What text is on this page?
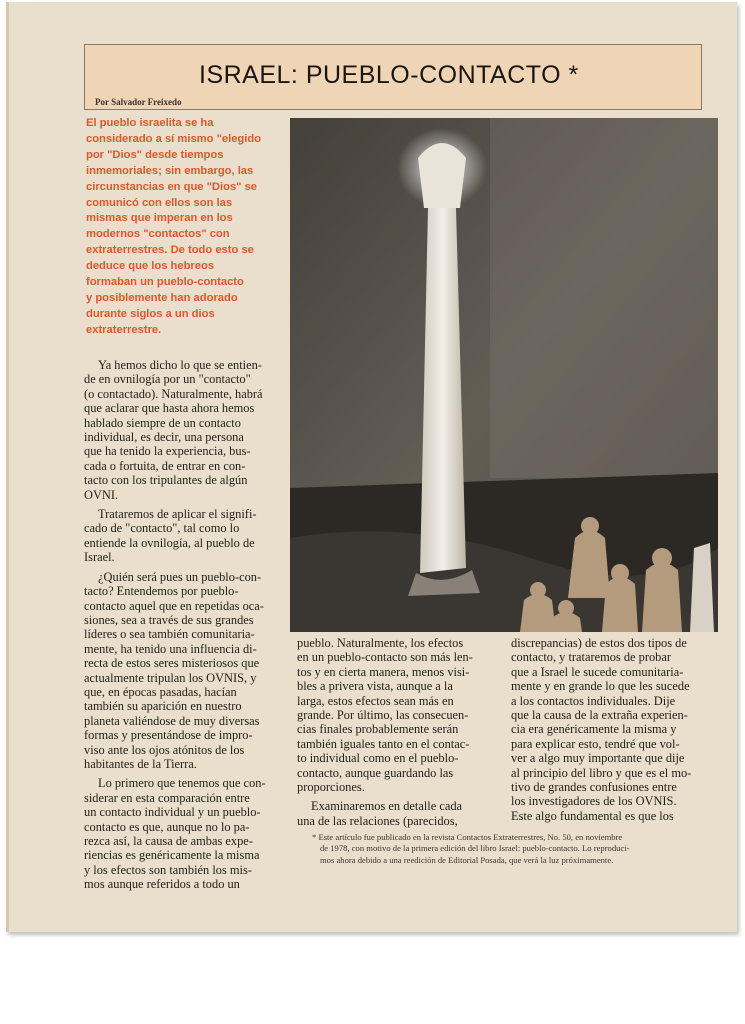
ISRAEL: PUEBLO-CONTACTO *
Por Salvador Freixedo
El pueblo israelita se ha
considerado a sí mismo "elegido
por "Dios" desde tiempos
inmemoriales; sin embargo, las
circunstancias en que "Dios" se
comunicó con ellos son las
mismas que imperan en los
modernos "contactos" con
extraterrestres. De todo esto se
deduce que los hebreos
formaban un pueblo-contacto
y posiblemente han adorado
durante siglos a un dios
extraterrestre.
Ya hemos dicho lo que se entien-
de en ovnilogía por un "contacto"
(o contactado). Naturalmente, habrá
que aclarar que hasta ahora hemos
hablado siempre de un contacto
individual, es decir, una persona
que ha tenido la experiencia, bus-
cada o fortuita, de entrar en con-
tacto con los tripulantes de algún
OVNI.
Trataremos de aplicar el signifi-
cado de "contacto", tal como lo
entiende la ovnilogía, al pueblo de
Israel.
¿Quién será pues un pueblo-con-
tacto? Entendemos por pueblo-
contacto aquel que en repetidas oca-
siones, sea a través de sus grandes
líderes o sea también comunitaria-
mente, ha tenido una influencia di-
recta de estos seres misteriosos que
actualmente tripulan los OVNIS, y
que, en épocas pasadas, hacían
también su aparición en nuestro
planeta valiéndose de muy diversas
formas y presentándose de impro-
viso ante los ojos atónitos de los
habitantes de la Tierra.
Lo primero que tenemos que con-
siderar en esta comparación entre
un contacto individual y un pueblo-
contacto es que, aunque no lo pa-
rezca así, la causa de ambas expe-
riencias es genéricamente la misma
y los efectos son también los mis-
mos aunque referidos a todo un
pueblo. Naturalmente, los efectos
en un pueblo-contacto son más len-
tos y en cierta manera, menos visi-
bles a privera vista, aunque a la
larga, estos efectos sean más en
grande. Por último, las consecuen-
cias finales probablemente serán
también iguales tanto en el contac-
to individual como en el pueblo-
contacto, aunque guardando las
proporciones.
Examinaremos en detalle cada
una de las relaciones (parecidos,
discrepancias) de estos dos tipos de
contacto, y trataremos de probar
que a Israel le sucede comunitaria-
mente y en grande lo que les sucede
a los contactos individuales. Dije
que la causa de la extraña experien-
cia era genéricamente la misma y
para explicar esto, tendré que vol-
ver a algo muy importante que dije
al principio del libro y que es el mo-
tivo de grandes confusiones entre
los investigadores de los OVNIS.
Este algo fundamental es que los
* Este artículo fue publicado en la revista Contactos Extraterrestres, No. 50, en noviembre
de 1978, con motivo de la primera edición del libro Israel: pueblo-contacto. Lo reproduci-
mos ahora debido a una reedición de Editorial Posada, que verá la luz próximamente.
